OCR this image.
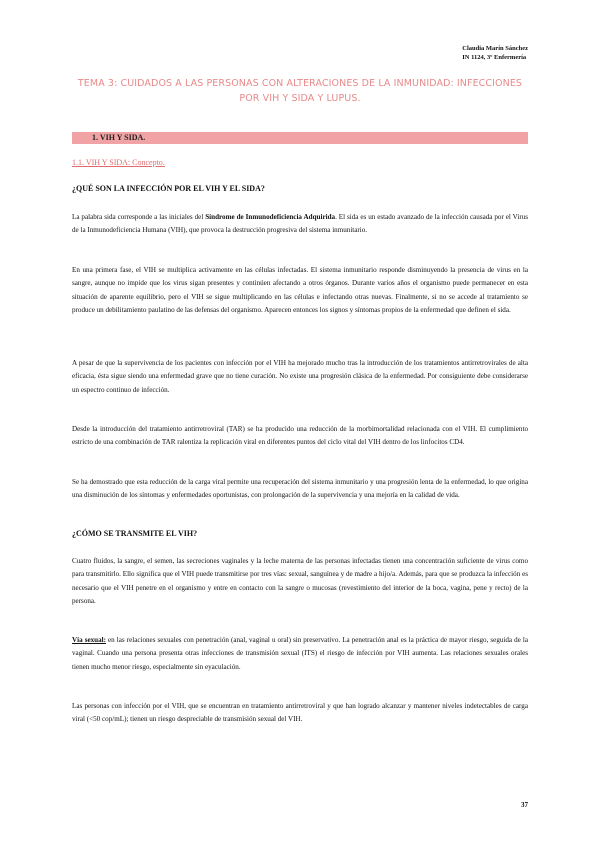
Claudia Marín Sánchez
IN 1124, 3º Enfermería
TEMA 3: CUIDADOS A LAS PERSONAS CON ALTERACIONES DE LA INMUNIDAD: INFECCIONES POR VIH Y SIDA Y LUPUS.
1. VIH Y SIDA.
1.1. VIH Y SIDA: Concepto.
¿QUÉ SON LA INFECCIÓN POR EL VIH Y EL SIDA?
La palabra sida corresponde a las iniciales del Síndrome de Inmunodeficiencia Adquirida. El sida es un estado avanzado de la infección causada por el Virus de la Inmunodeficiencia Humana (VIH), que provoca la destrucción progresiva del sistema inmunitario.
En una primera fase, el VIH se multiplica activamente en las células infectadas. El sistema inmunitario responde disminuyendo la presencia de virus en la sangre, aunque no impide que los virus sigan presentes y continúen afectando a otros órganos. Durante varios años el organismo puede permanecer en esta situación de aparente equilibrio, pero el VIH se sigue multiplicando en las células e infectando otras nuevas. Finalmente, si no se accede al tratamiento se produce un debilitamiento paulatino de las defensas del organismo. Aparecen entonces los signos y síntomas propios de la enfermedad que definen el sida.
A pesar de que la supervivencia de los pacientes con infección por el VIH ha mejorado mucho tras la introducción de los tratamientos antirretrovirales de alta eficacia, ésta sigue siendo una enfermedad grave que no tiene curación. No existe una progresión clásica de la enfermedad. Por consiguiente debe considerarse un espectro continuo de infección.
Desde la introducción del tratamiento antirretroviral (TAR) se ha producido una reducción de la morbimortalidad relacionada con el VIH. El cumplimiento estricto de una combinación de TAR ralentiza la replicación viral en diferentes puntos del ciclo vital del VIH dentro de los linfocitos CD4.
Se ha demostrado que esta reducción de la carga viral permite una recuperación del sistema inmunitario y una progresión lenta de la enfermedad, lo que origina una disminución de los síntomas y enfermedades oportunistas, con prolongación de la supervivencia y una mejoría en la calidad de vida.
¿CÓMO SE TRANSMITE EL VIH?
Cuatro fluidos, la sangre, el semen, las secreciones vaginales y la leche materna de las personas infectadas tienen una concentración suficiente de virus como para transmitirlo. Ello significa que el VIH puede transmitirse por tres vías: sexual, sanguínea y de madre a hijo/a. Además, para que se produzca la infección es necesario que el VIH penetre en el organismo y entre en contacto con la sangre o mucosas (revestimiento del interior de la boca, vagina, pene y recto) de la persona.
Vía sexual: en las relaciones sexuales con penetración (anal, vaginal u oral) sin preservativo. La penetración anal es la práctica de mayor riesgo, seguida de la vaginal. Cuando una persona presenta otras infecciones de transmisión sexual (ITS) el riesgo de infección por VIH aumenta. Las relaciones sexuales orales tienen mucho menor riesgo, especialmente sin eyaculación.
Las personas con infección por el VIH, que se encuentran en tratamiento antirretroviral y que han logrado alcanzar y mantener niveles indetectables de carga viral (<50 cop/mL); tienen un riesgo despreciable de transmisión sexual del VIH.
37
